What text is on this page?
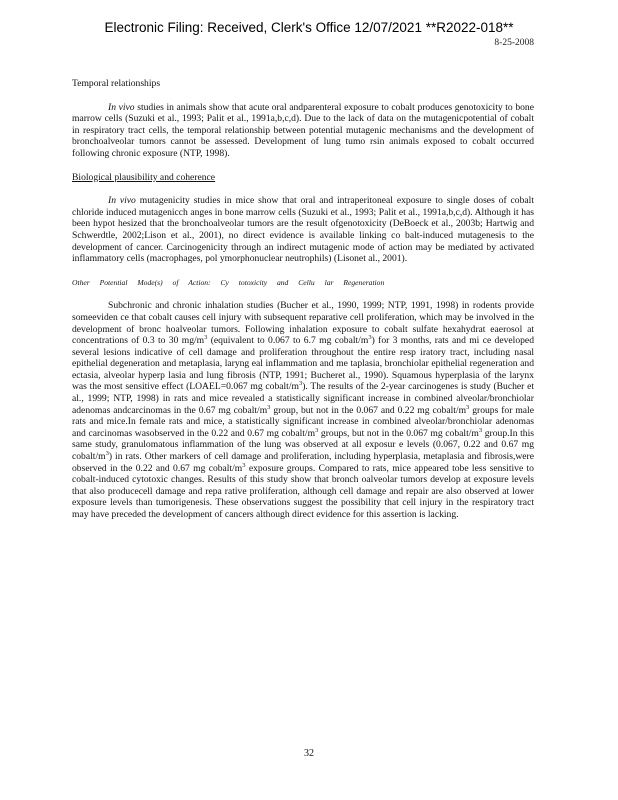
Electronic Filing: Received, Clerk's Office 12/07/2021 **R2022-018**
8-25-2008
Temporal relationships

In vivo studies in animals show that acute oral andparenteral exposure to cobalt produces genotoxicity to bone marrow cells (Suzuki et al., 1993; Palit et al., 1991a,b,c,d). Due to the lack of data on the mutagenicpotential of cobalt in respiratory tract cells, the temporal relationship between potential mutagenic mechanisms and the development of bronchoalveolar tumors cannot be assessed. Development of lung tumo rsin animals exposed to cobalt occurred following chronic exposure (NTP, 1998).

Biological plausibility and coherence

In vivo mutagenicity studies in mice show that oral and intraperitoneal exposure to single doses of cobalt chloride induced mutagenicch anges in bone marrow cells (Suzuki et al., 1993; Palit et al., 1991a,b,c,d). Although it has been hypot hesized that the bronchoalveolar tumors are the result ofgenotoxicity (DeBoeck et al., 2003b; Hartwig and Schwerdtle, 2002;Lison et al., 2001), no direct evidence is available linking co balt-induced mutagenesis to the development of cancer. Carcinogenicity through an indirect mutagenic mode of action may be mediated by activated inflammatory cells (macrophages, pol ymorphonuclear neutrophils) (Lisonet al., 2001).

Other Potential Mode(s) of Action: Cy totoxicity and Cellu lar Regeneration

Subchronic and chronic inhalation studies (Bucher et al., 1990, 1999; NTP, 1991, 1998) in rodents provide someeviden ce that cobalt causes cell injury with subsequent reparative cell proliferation, which may be involved in the development of bronc hoalveolar tumors. Following inhalation exposure to cobalt sulfate hexahydrat eaerosol at concentrations of 0.3 to 30 $mg/m^3$ (equivalent to 0.067 to 6.7 mg cobalt/$m^3$) for 3 months, rats and mi ce developed several lesions indicative of cell damage and proliferation throughout the entire resp iratory tract, including nasal epithelial degeneration and metaplasia, laryng eal inflammation and me taplasia, bronchiolar epithelial regeneration and ectasia, alveolar hyperp lasia and lung fibrosis (NTP, 1991; Bucheret al., 1990). Squamous hyperplasia of the larynx was the most sensitive effect (LOAEL=0.067 mg cobalt/$m^3$). The results of the 2-year carcinogenes is study (Bucher et al., 1999; NTP, 1998) in rats and mice revealed a statistically significant increase in combined alveolar/bronchiolar adenomas andcarcinomas in the 0.67 mg cobalt/$m^3$ group, but not in the 0.067 and 0.22 mg cobalt/$m^3$ groups for male rats and mice.In female rats and mice, a statistically significant increase in combined alveolar/bronchiolar adenomas and carcinomas wasobserved in the 0.22 and 0.67 mg cobalt/$m^3$ groups, but not in the 0.067 mg cobalt/$m^3$ group.In this same study, granulomatous inflammation of the lung was observed at all exposur e levels (0.067, 0.22 and 0.67 mg cobalt/$m^3$) in rats. Other markers of cell damage and proliferation, including hyperplasia, metaplasia and fibrosis,were observed in the 0.22 and 0.67 mg cobalt/$m^3$ exposure groups. Compared to rats, mice appeared tobe less sensitive to cobalt-induced cytotoxic changes. Results of this study show that bronch oalveolar tumors develop at exposure levels that also producecell damage and repa rative proliferation, although cell damage and repair are also observed at lower exposure levels than tumorigenesis. These observations suggest the possibility that cell injury in the respiratory tract may have preceded the development of cancers although direct evidence for this assertion is lacking.

32
